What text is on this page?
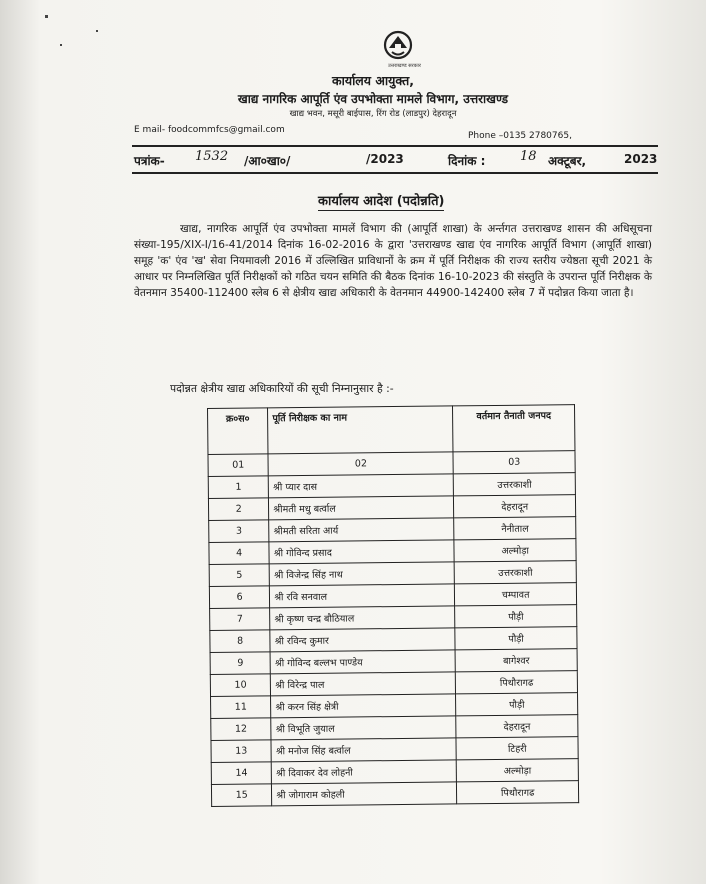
उत्तराखण्ड सरकार
कार्यालय आयुक्त,
खाद्य नागरिक आपूर्ति एंव उपभोक्ता मामले विभाग, उत्तराखण्ड
खाद्य भवन, मसूरी बाईपास, रिंग रोड (लाडपुर) देहरादून
E mail- foodcommfcs@gmail.com
Phone –0135 2780765,
पत्रांक- 1532 /आ०खा०/	/2023	दिनांक :	18 अक्टूबर,	2023
कार्यालय आदेश (पदोन्नति)
खाद्य, नागरिक आपूर्ति एंव उपभोक्ता मामलें विभाग की (आपूर्ति शाखा) के अर्न्तगत उत्तराखण्ड शासन की अधिसूचना संख्या-195/XIX-I/16-41/2014 दिनांक 16-02-2016 के द्वारा 'उत्तराखण्ड खाद्य एंव नागरिक आपूर्ति विभाग (आपूर्ति शाखा) समूह 'क' एंव 'ख' सेवा नियमावली 2016 में उल्लिखित प्राविधानों के क्रम में पूर्ति निरीक्षक की राज्य स्तरीय ज्येष्ठता सूची 2021 के आधार पर निम्नलिखित पूर्ति निरीक्षकों को गठित चयन समिति की बैठक दिनांक 16-10-2023 की संस्तुति के उपरान्त पूर्ति निरीक्षक के वेतनमान 35400-112400 स्लेब 6 से क्षेत्रीय खाद्य अधिकारी के वेतनमान 44900-142400 स्लेब 7 में पदोन्नत किया जाता है।
पदोन्नत क्षेत्रीय खाद्य अधिकारियों की सूची निम्नानुसार है :-
क्र०स०	पूर्ति निरीक्षक का नाम	वर्तमान तैनाती जनपद
01	02	03
1	श्री प्यार दास	उत्तरकाशी
2	श्रीमती मधु बर्त्वाल	देहरादून
3	श्रीमती सरिता आर्य	नैनीताल
4	श्री गोविन्द प्रसाद	अल्मोड़ा
5	श्री विजेन्द्र सिंह नाथ	उत्तरकाशी
6	श्री रवि सनवाल	चम्पावत
7	श्री कृष्ण चन्द्र बौठियाल	पौड़ी
8	श्री रविन्द कुमार	पौड़ी
9	श्री गोविन्द बल्लभ पाण्डेय	बागेश्वर
10	श्री विरेन्द्र पाल	पिथौरागढ
11	श्री करन सिंह क्षेत्री	पौड़ी
12	श्री विभूति जुयाल	देहरादून
13	श्री मनोज सिंह बर्त्वाल	टिहरी
14	श्री दिवाकर देव लोहनी	अल्मोड़ा
15	श्री जोगाराम कोहली	पिथौरागढ
